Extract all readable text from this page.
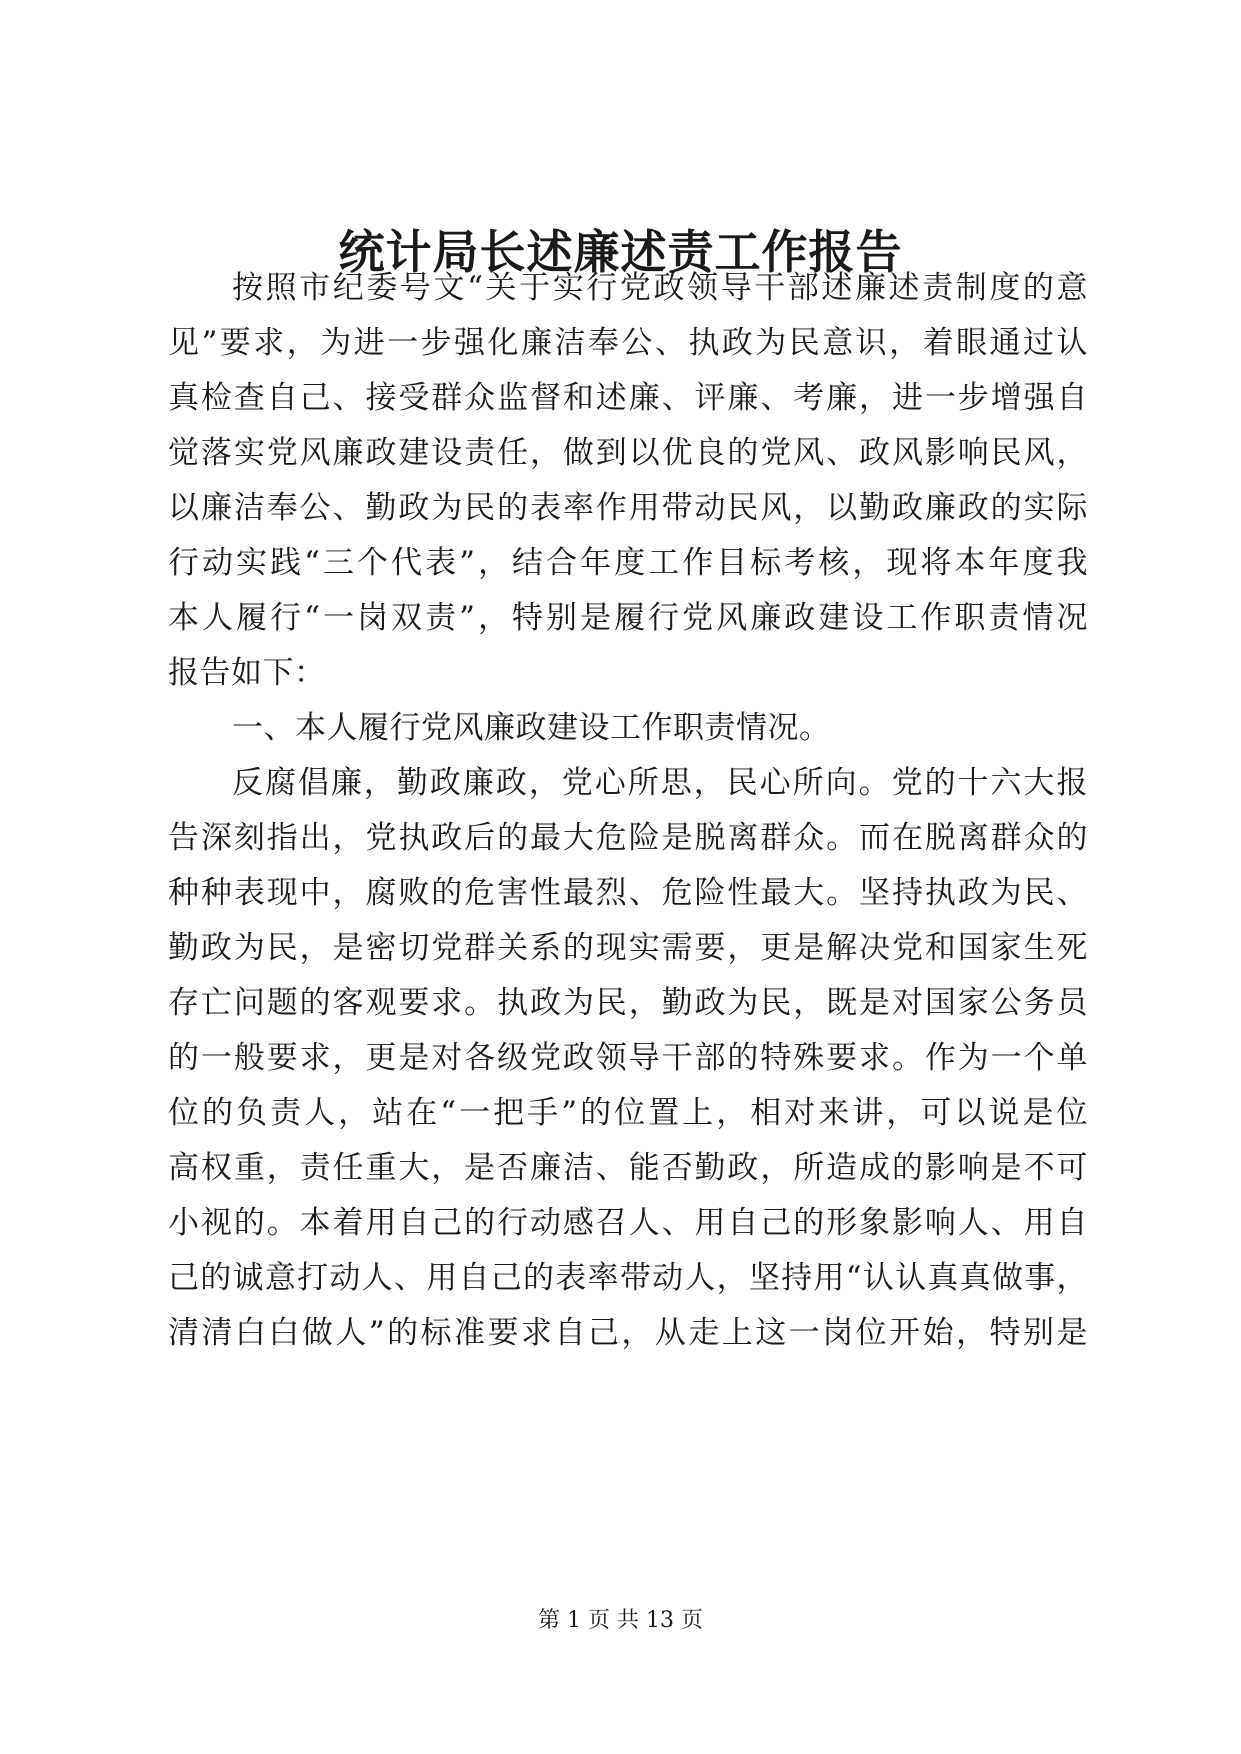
统计局长述廉述责工作报告
按照市纪委号文“关于实行党政领导干部述廉述责制度的意
见”要求，为进一步强化廉洁奉公、执政为民意识，着眼通过认
真检查自己、接受群众监督和述廉、评廉、考廉，进一步增强自
觉落实党风廉政建设责任，做到以优良的党风、政风影响民风，
以廉洁奉公、勤政为民的表率作用带动民风，以勤政廉政的实际
行动实践“三个代表”，结合年度工作目标考核，现将本年度我
本人履行“一岗双责”，特别是履行党风廉政建设工作职责情况
报告如下：
一、本人履行党风廉政建设工作职责情况。
反腐倡廉，勤政廉政，党心所思，民心所向。党的十六大报
告深刻指出，党执政后的最大危险是脱离群众。而在脱离群众的
种种表现中，腐败的危害性最烈、危险性最大。坚持执政为民、
勤政为民，是密切党群关系的现实需要，更是解决党和国家生死
存亡问题的客观要求。执政为民，勤政为民，既是对国家公务员
的一般要求，更是对各级党政领导干部的特殊要求。作为一个单
位的负责人，站在“一把手”的位置上，相对来讲，可以说是位
高权重，责任重大，是否廉洁、能否勤政，所造成的影响是不可
小视的。本着用自己的行动感召人、用自己的形象影响人、用自
己的诚意打动人、用自己的表率带动人，坚持用“认认真真做事，
清清白白做人”的标准要求自己，从走上这一岗位开始，特别是
第 1 页 共 13 页
